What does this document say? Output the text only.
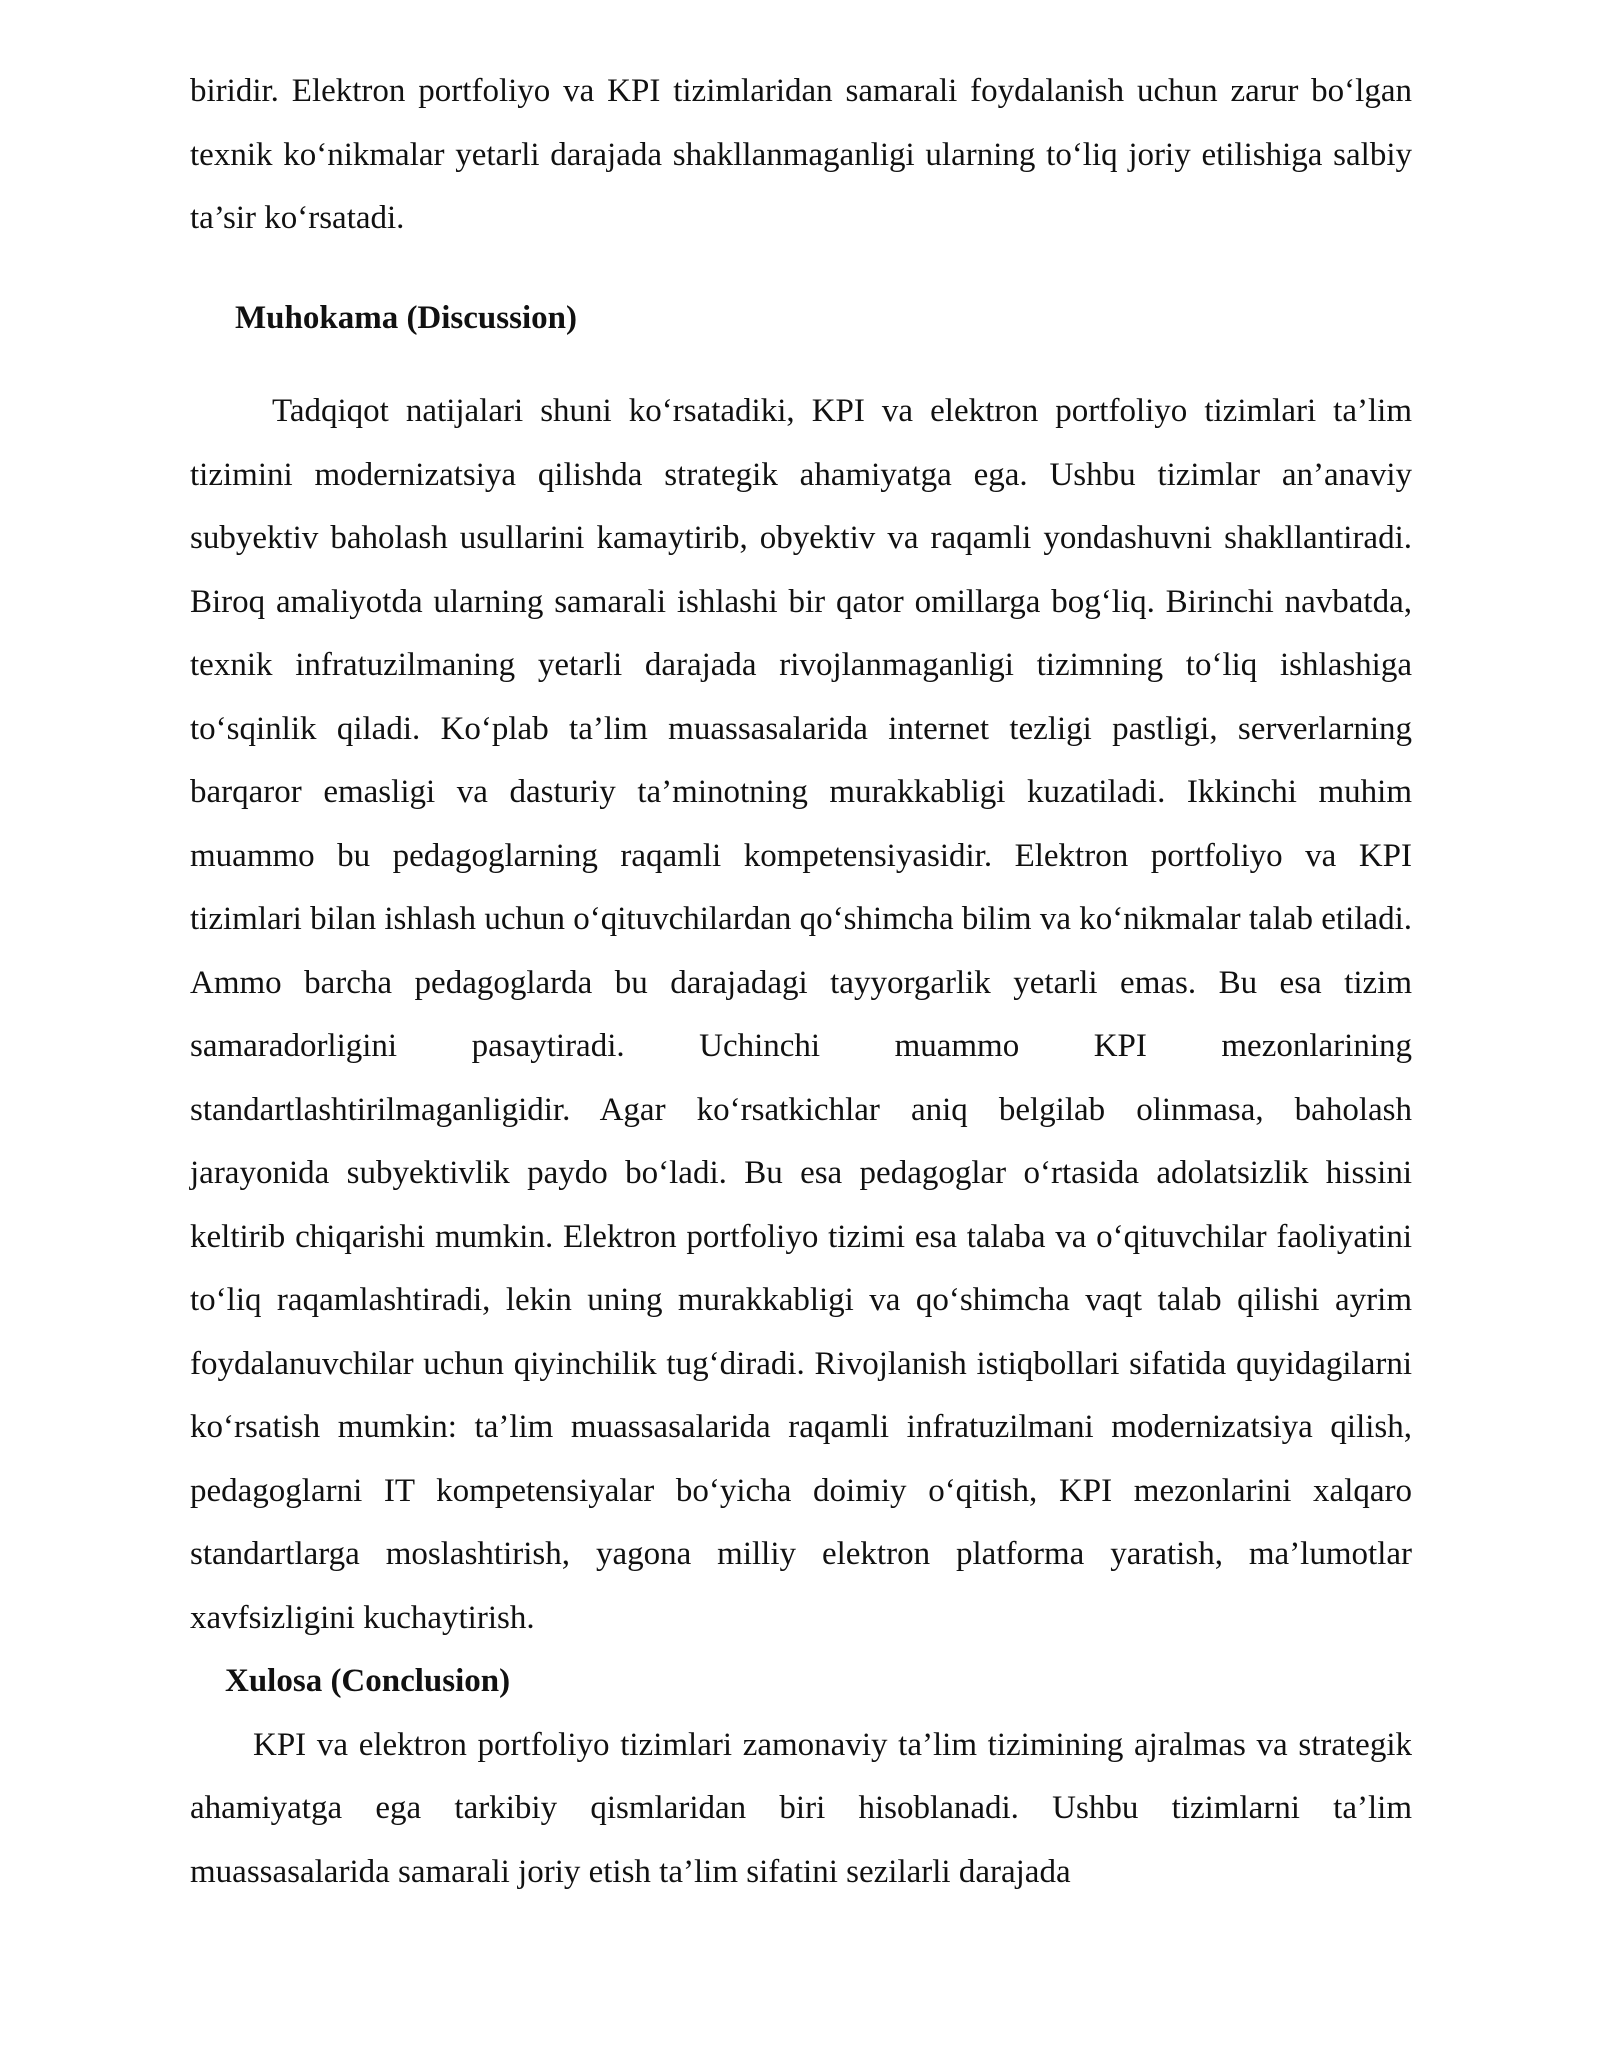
biridir. Elektron portfoliyo va KPI tizimlaridan samarali foydalanish uchun zarur bo‘lgan texnik ko‘nikmalar yetarli darajada shakllanmaganligi ularning to‘liq joriy etilishiga salbiy ta’sir ko‘rsatadi.

Muhokama (Discussion)

Tadqiqot natijalari shuni ko‘rsatadiki, KPI va elektron portfoliyo tizimlari ta’lim tizimini modernizatsiya qilishda strategik ahamiyatga ega. Ushbu tizimlar an’anaviy subyektiv baholash usullarini kamaytirib, obyektiv va raqamli yondashuvni shakllantiradi. Biroq amaliyotda ularning samarali ishlashi bir qator omillarga bog‘liq. Birinchi navbatda, texnik infratuzilmaning yetarli darajada rivojlanmaganligi tizimning to‘liq ishlashiga to‘sqinlik qiladi. Ko‘plab ta’lim muassasalarida internet tezligi pastligi, serverlarning barqaror emasligi va dasturiy ta’minotning murakkabligi kuzatiladi. Ikkinchi muhim muammo bu pedagoglarning raqamli kompetensiyasidir. Elektron portfoliyo va KPI tizimlari bilan ishlash uchun o‘qituvchilardan qo‘shimcha bilim va ko‘nikmalar talab etiladi. Ammo barcha pedagoglarda bu darajadagi tayyorgarlik yetarli emas. Bu esa tizim samaradorligini pasaytiradi. Uchinchi muammo KPI mezonlarining standartlashtirilmaganligidir. Agar ko‘rsatkichlar aniq belgilab olinmasa, baholash jarayonida subyektivlik paydo bo‘ladi. Bu esa pedagoglar o‘rtasida adolatsizlik hissini keltirib chiqarishi mumkin. Elektron portfoliyo tizimi esa talaba va o‘qituvchilar faoliyatini to‘liq raqamlashtiradi, lekin uning murakkabligi va qo‘shimcha vaqt talab qilishi ayrim foydalanuvchilar uchun qiyinchilik tug‘diradi. Rivojlanish istiqbollari sifatida quyidagilarni ko‘rsatish mumkin: ta’lim muassasalarida raqamli infratuzilmani modernizatsiya qilish, pedagoglarni IT kompetensiyalar bo‘yicha doimiy o‘qitish, KPI mezonlarini xalqaro standartlarga moslashtirish, yagona milliy elektron platforma yaratish, ma’lumotlar xavfsizligini kuchaytirish.

Xulosa (Conclusion)

KPI va elektron portfoliyo tizimlari zamonaviy ta’lim tizimining ajralmas va strategik ahamiyatga ega tarkibiy qismlaridan biri hisoblanadi. Ushbu tizimlarni ta’lim muassasalarida samarali joriy etish ta’lim sifatini sezilarli darajada
